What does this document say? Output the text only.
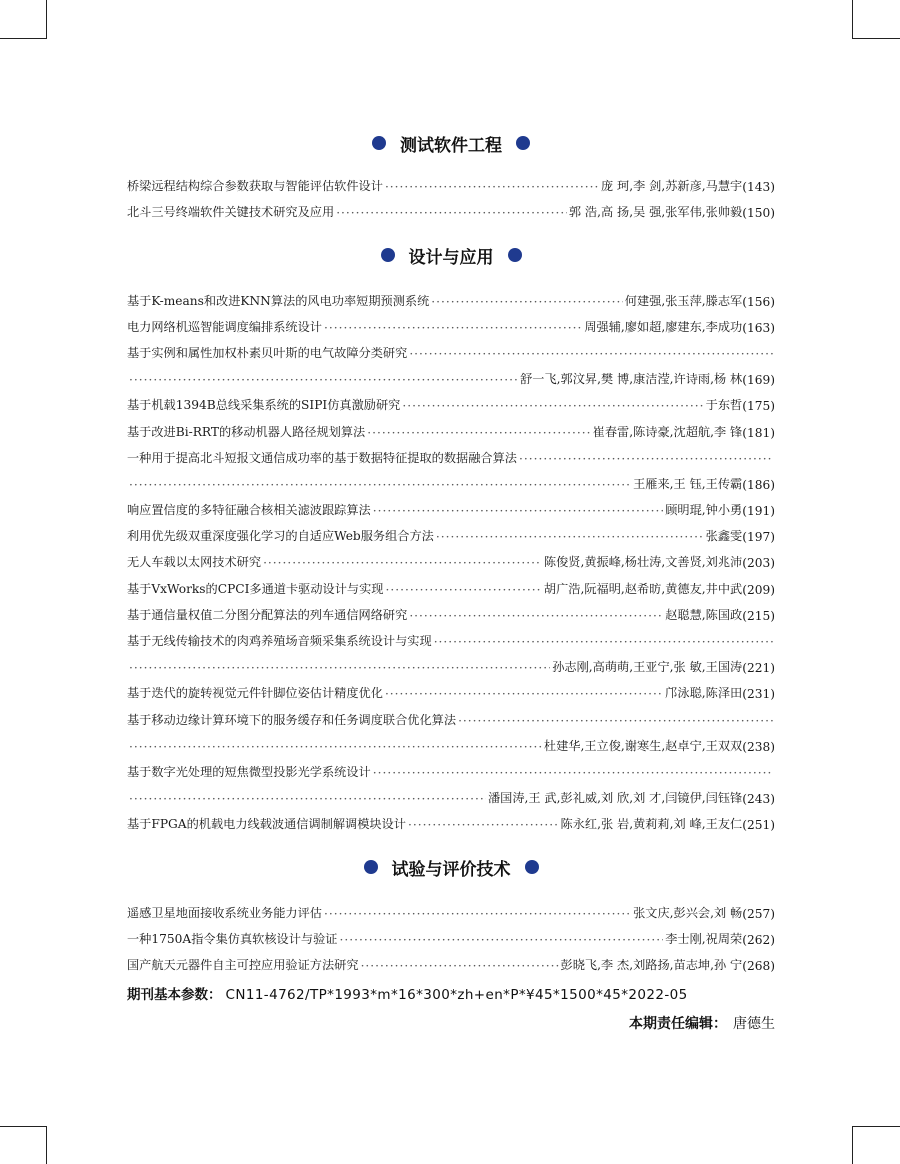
测试软件工程
桥梁远程结构综合参数获取与智能评估软件设计 ·····	庞 珂,李 剑,苏新彦,马慧宇 (143)
北斗三号终端软件关键技术研究及应用 ·····	郭 浩,高 扬,吴 强,张军伟,张帅毅 (150)
设计与应用
基于K-means和改进KNN算法的风电功率短期预测系统 ·····	何建强,张玉萍,滕志军 (156)
电力网络机巡智能调度编排系统设计 ·····	周强辅,廖如超,廖建东,李成功 (163)
基于实例和属性加权朴素贝叶斯的电气故障分类研究
·····
·····
舒一飞,郭汶昇,樊 博,康洁滢,许诗雨,杨 林 (169)
基于机载1394B总线采集系统的SIPI仿真激励研究 ·····	于东哲 (175)
基于改进Bi-RRT的移动机器人路径规划算法 ·····	崔春雷,陈诗豪,沈超航,李 锋 (181)
一种用于提高北斗短报文通信成功率的基于数据特征提取的数据融合算法
·····
·····
王雁来,王 钰,王传霸 (186)
响应置信度的多特征融合核相关滤波跟踪算法 ·····	顾明琨,钟小勇 (191)
利用优先级双重深度强化学习的自适应Web服务组合方法 ·····	张鑫雯 (197)
无人车载以太网技术研究 ·····	陈俊贤,黄振峰,杨壮涛,文善贤,刘兆沛 (203)
基于VxWorks的CPCI多通道卡驱动设计与实现 ·····	胡广浩,阮福明,赵希昉,黄德友,井中武 (209)
基于通信量权值二分图分配算法的列车通信网络研究 ·····	赵聪慧,陈国政 (215)
基于无线传输技术的肉鸡养殖场音频采集系统设计与实现
·····
·····
孙志刚,高萌萌,王亚宁,张 敏,王国涛 (221)
基于迭代的旋转视觉元件针脚位姿估计精度优化 ·····	邝泳聪,陈泽田 (231)
基于移动边缘计算环境下的服务缓存和任务调度联合优化算法
·····
·····
杜建华,王立俊,谢寒生,赵卓宁,王双双 (238)
基于数字光处理的短焦微型投影光学系统设计
·····
·····
潘国涛,王 武,彭礼威,刘 欣,刘 才,闫镜伊,闫钰锋 (243)
基于FPGA的机载电力线载波通信调制解调模块设计 ·····	陈永红,张 岩,黄莉莉,刘 峰,王友仁 (251)
试验与评价技术
遥感卫星地面接收系统业务能力评估 ·····	张文庆,彭兴会,刘 畅 (257)
一种1750A指令集仿真软核设计与验证 ·····	李士刚,祝周荣 (262)
国产航天元器件自主可控应用验证方法研究 ·····	彭晓飞,李 杰,刘路扬,苗志坤,孙 宁 (268)
期刊基本参数： CN11-4762/TP*1993*m*16*300*zh+en*P*¥45*1500*45*2022-05
本期责任编辑： 唐德生
